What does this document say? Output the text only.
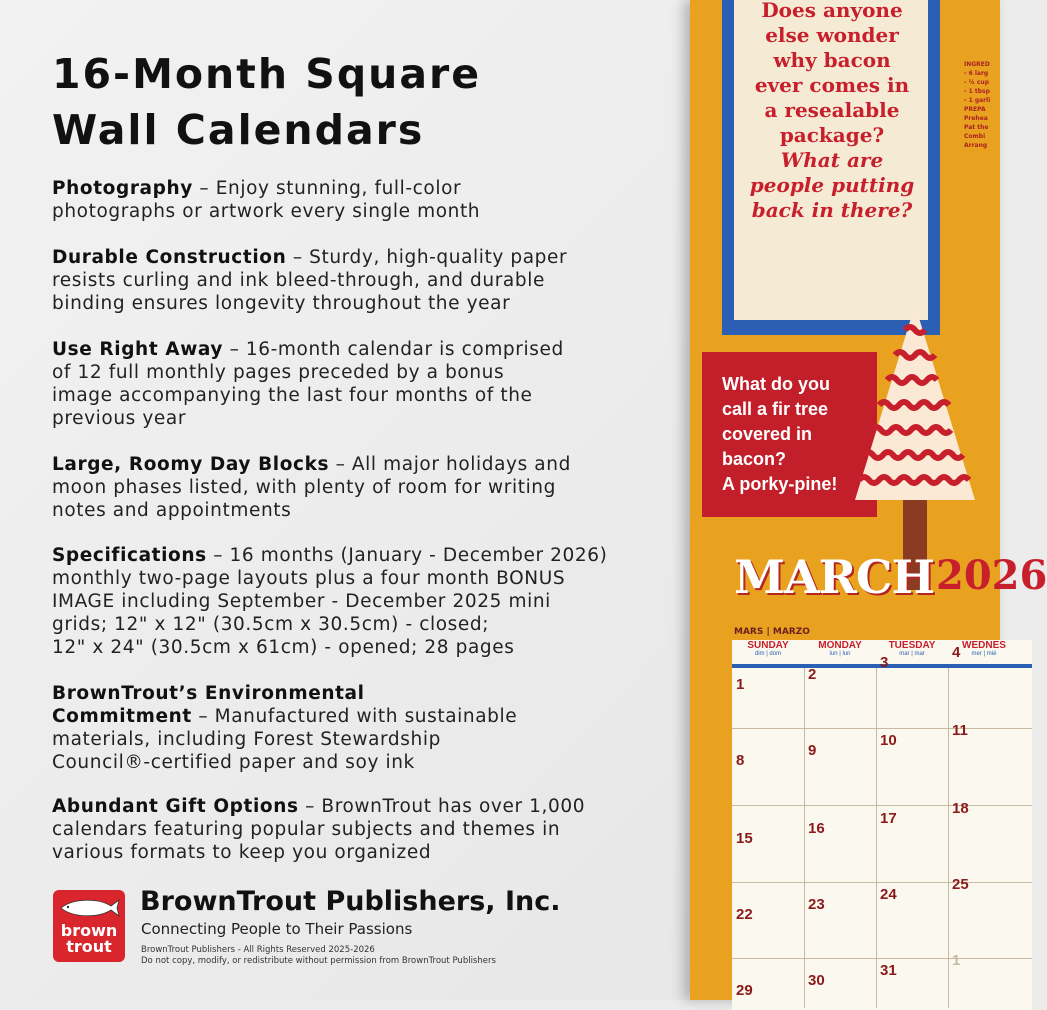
16-Month Square
Wall Calendars
Photography – Enjoy stunning, full-color
photographs or artwork every single month
Durable Construction – Sturdy, high-quality paper
resists curling and ink bleed-through, and durable
binding ensures longevity throughout the year
Use Right Away – 16-month calendar is comprised
of 12 full monthly pages preceded by a bonus
image accompanying the last four months of the
previous year
Large, Roomy Day Blocks – All major holidays and
moon phases listed, with plenty of room for writing
notes and appointments
Specifications – 16 months (January - December 2026)
monthly two-page layouts plus a four month BONUS
IMAGE including September - December 2025 mini
grids; 12" x 12" (30.5cm x 30.5cm) - closed;
12" x 24" (30.5cm x 61cm) - opened; 28 pages
BrownTrout’s Environmental
Commitment – Manufactured with sustainable
materials, including Forest Stewardship
Council®-certified paper and soy ink
Abundant Gift Options – BrownTrout has over 1,000
calendars featuring popular subjects and themes in
various formats to keep you organized
brown
trout
BrownTrout Publishers, Inc.
Connecting People to Their Passions
BrownTrout Publishers - All Rights Reserved 2025-2026
Do not copy, modify, or redistribute without permission from BrownTrout Publishers
Does anyone
else wonder
why bacon
ever comes in
a resealable
package?
What are
people putting
back in there?
INGRED
- 6 larg
- ¼ cup
- 1 tbsp
- 1 garli
PREPA
Prehea
Pat the
Combi
Arrang
What do you
call a fir tree
covered in
bacon?
A porky-pine!
MARCH 2026
MARS | MARZO
SUNDAY
dim | dom
MONDAY
lun | lun
TUESDAY
mar | mar
WEDNES
mer | mié
3
4
1
2
8
9
10
11
15
16
17
18
22
23
24
25
29
30
31
1
